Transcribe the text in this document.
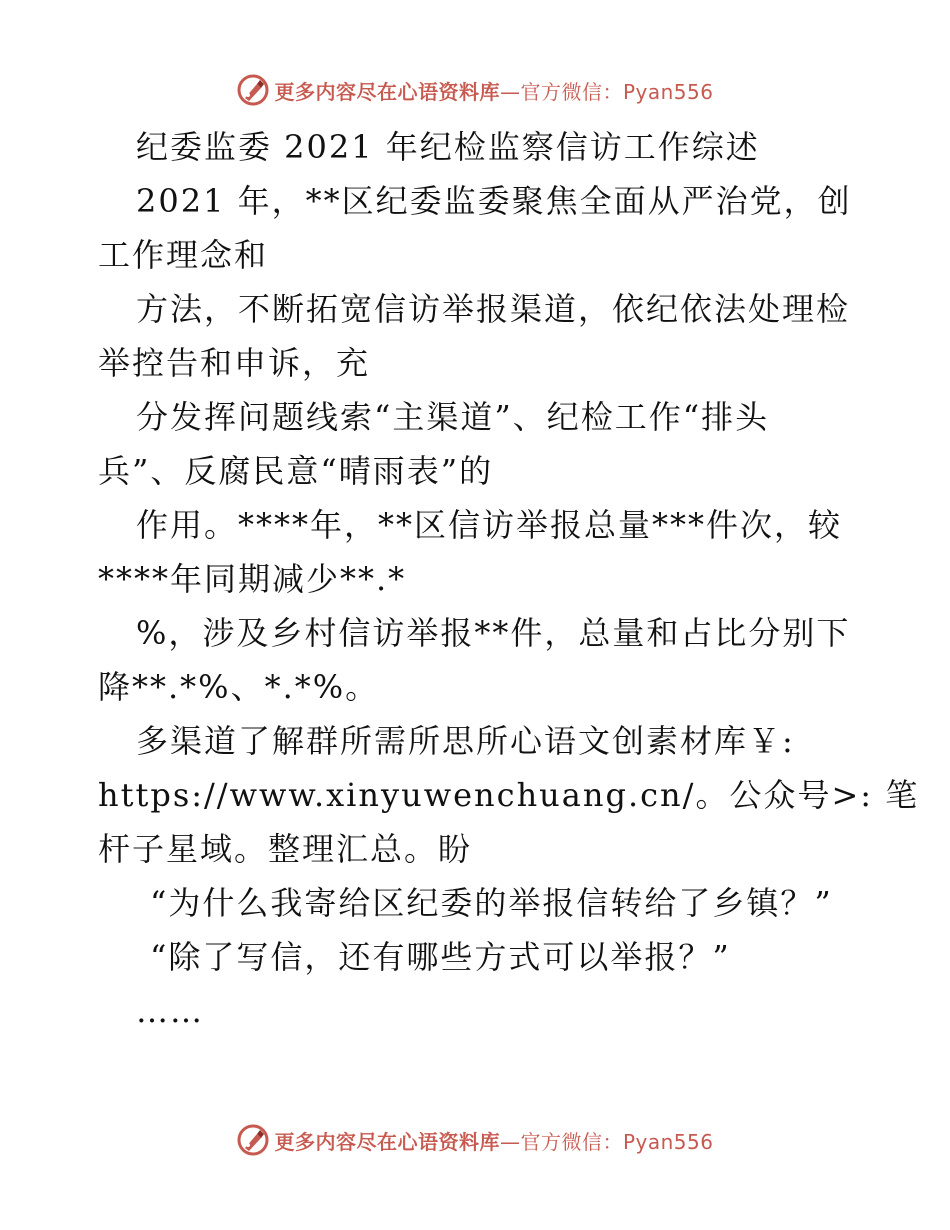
更多内容尽在心语资料库—官方微信：Pyan556
纪委监委 2021 年纪检监察信访工作综述
2021 年，**区纪委监委聚焦全面从严治党，创
工作理念和
方法，不断拓宽信访举报渠道，依纪依法处理检
举控告和申诉，充
分发挥问题线索“主渠道”、纪检工作“排头
兵”、反腐民意“晴雨表”的
作用。****年，**区信访举报总量***件次，较
****年同期减少**.*
%，涉及乡村信访举报**件，总量和占比分别下
降**.*%、*.*%。
多渠道了解群所需所思所心语文创素材库￥:
https://www.xinyuwenchuang.cn/。公众号>: 笔
杆子星域。整理汇总。盼
“为什么我寄给区纪委的举报信转给了乡镇？”
“除了写信，还有哪些方式可以举报？”
……
更多内容尽在心语资料库—官方微信：Pyan556
